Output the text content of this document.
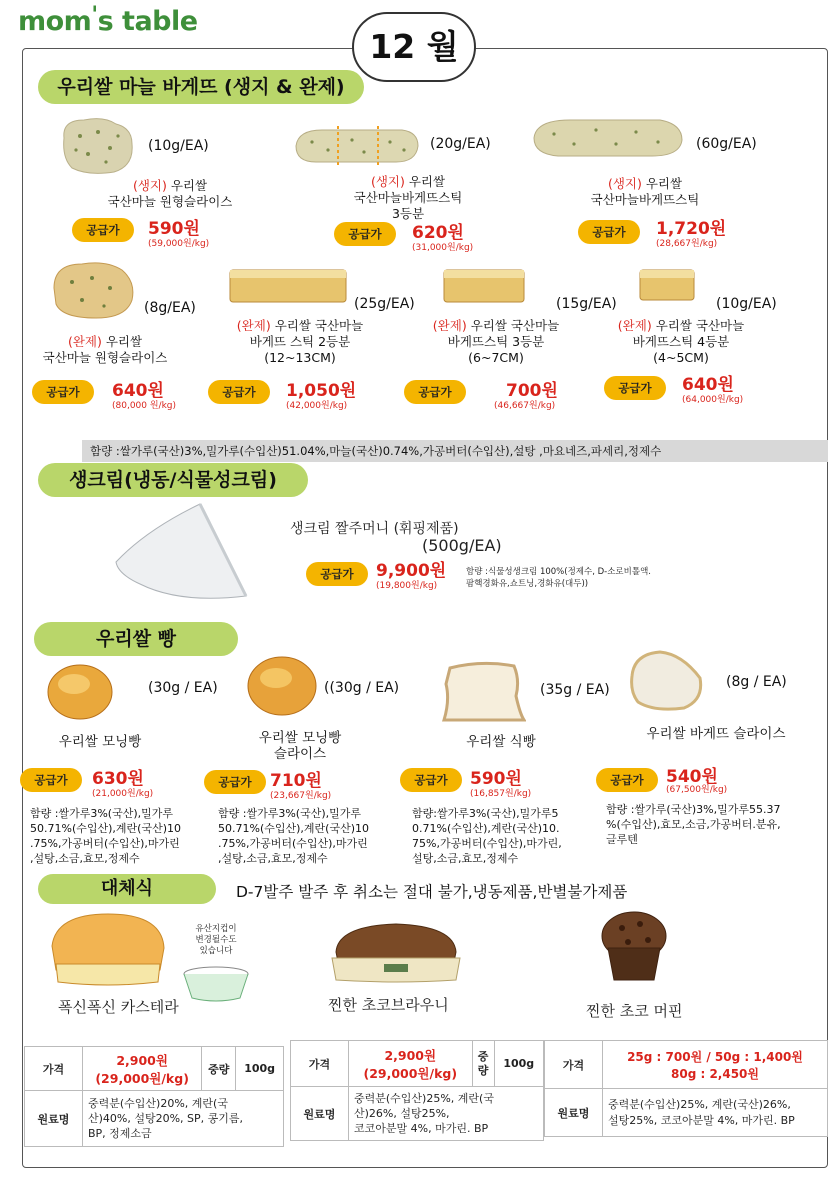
mom's table
12 월
우리쌀 마늘 바게뜨 (생지 & 완제)
(10g/EA)
(생지) 우리쌀
국산마늘 원형슬라이스
공급가	590원
(59,000원/kg)
(20g/EA)
(생지) 우리쌀
국산마늘바게뜨스틱
3등분
공급가	620원
(31,000원/kg)
(60g/EA)
(생지) 우리쌀
국산마늘바게뜨스틱
공급가	1,720원
(28,667원/kg)
(8g/EA)
(완제) 우리쌀
국산마늘 원형슬라이스
공급가	640원
(80,000 원/kg)
(25g/EA)
(완제) 우리쌀 국산마늘
바게뜨 스틱 2등분
(12~13CM)
공급가	1,050원
(42,000원/kg)
(15g/EA)
(완제) 우리쌀 국산마늘
바게뜨스틱 3등분
(6~7CM)
공급가	700원
(46,667원/kg)
(10g/EA)
(완제) 우리쌀 국산마늘
바게뜨스틱 4등분
(4~5CM)
공급가	640원
(64,000원/kg)
함량 :쌀가루(국산)3%,밀가루(수입산)51.04%,마늘(국산)0.74%,가공버터(수입산),설탕 ,마요네즈,파세리,정제수
생크림(냉동/식물성크림)
생크림 짤주머니 (휘핑제품)
(500g/EA)
공급가	9,900원
(19,800원/kg)
함량 :식물성생크림 100%(정제수, D-소로비톨액.
팜핵경화유,쇼트닝,경화유(대두))
우리쌀 빵
(30g / EA)
우리쌀 모닝빵
공급가	630원
(21,000원/kg)
함량 :쌀가루3%(국산),밀가루
50.71%(수입산),계란(국산)10
.75%,가공버터(수입산),마가린
,설탕,소금,효모,정제수
((30g / EA)
우리쌀 모닝빵
슬라이스
공급가	710원
(23,667원/kg)
함량 :쌀가루3%(국산),밀가루
50.71%(수입산),계란(국산)10
.75%,가공버터(수입산),마가린
,설탕,소금,효모,정제수
(35g / EA)
우리쌀 식빵
공급가	590원
(16,857원/kg)
함량:쌀가루3%(국산),밀가루5
0.71%(수입산),계란(국산)10.
75%,가공버터(수입산),마가린,
설탕,소금,효모,정제수
(8g / EA)
우리쌀 바게뜨 슬라이스
공급가	540원
(67,500원/kg)
함량 :쌀가루(국산)3%,밀가루55.37
%(수입산),효모,소금,가공버터.분유,
글루텐
대체식	D-7발주 발주 후 취소는 절대 불가,냉동제품,반별불가제품
유산지컵이
변경될수도
있습니다
폭신폭신 카스테라	찐한 초코브라우니	찐한 초코 머핀
가격	2,900원
(29,000원/kg)	중량	100g
원료명	중력분(수입산)20%, 계란(국
산)40%, 설탕20%, SP, 콩기름,
BP, 정제소금		
가격	2,900원
(29,000원/kg)	중
량	100g
원료명	중력분(수입산)25%, 계란(국
산)26%, 설탕25%,
코코아분말 4%, 마가린. BP		
가격	25g : 700원 / 50g : 1,400원
80g : 2,450원
원료명	중력분(수입산)25%, 계란(국산)26%,
설탕25%, 코코아분말 4%, 마가린. BP
